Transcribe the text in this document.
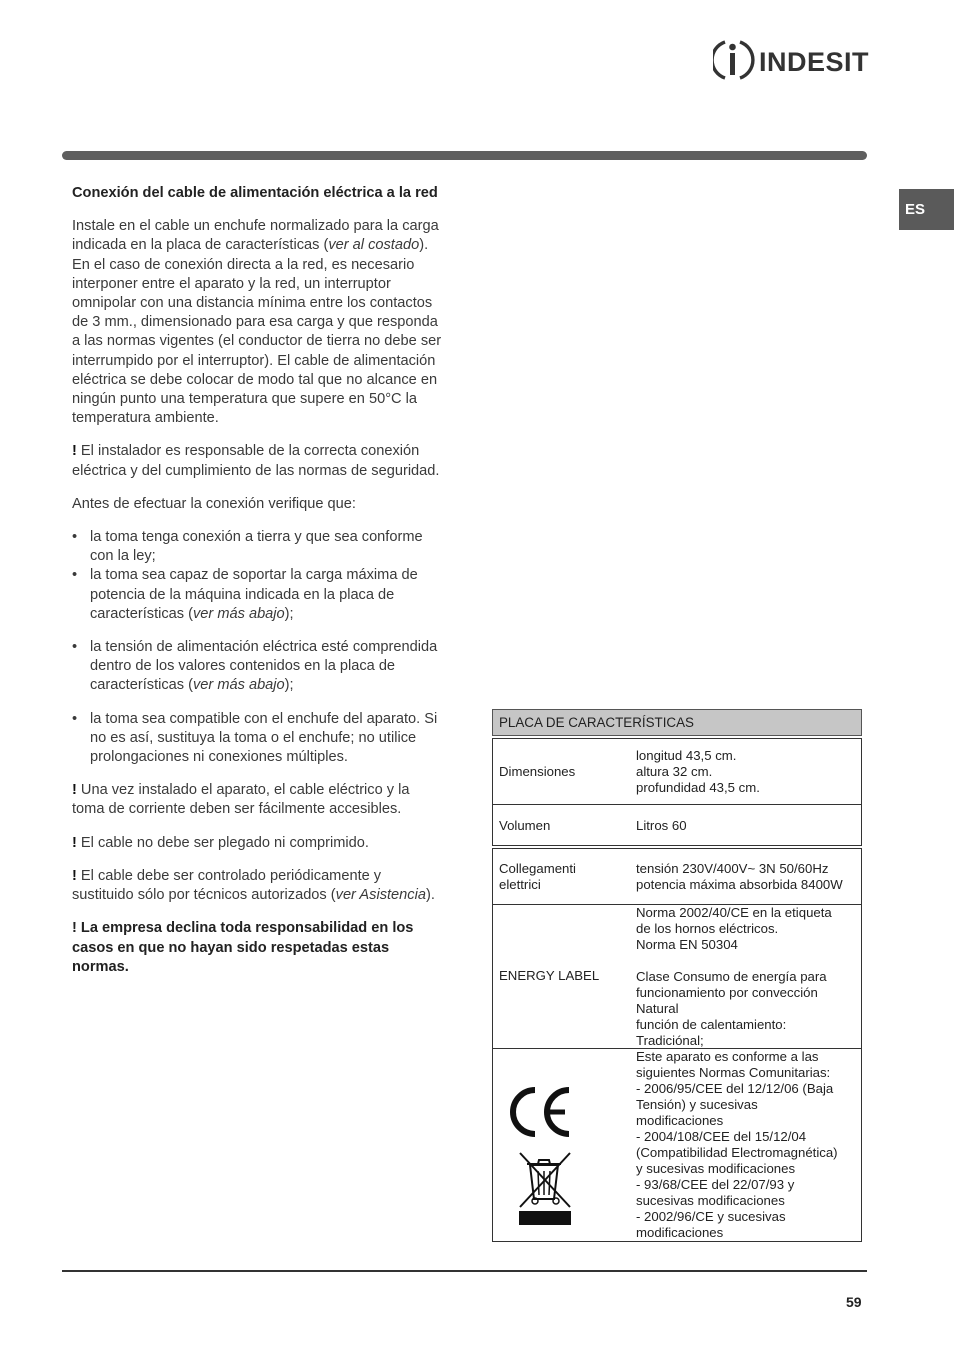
INDESIT
ES

Conexión del cable de alimentación eléctrica a la red

Instale en el cable un enchufe normalizado para la carga indicada en la placa de características (ver al costado). En el caso de conexión directa a la red, es necesario interponer entre el aparato y la red, un interruptor omnipolar con una distancia mínima entre los contactos de 3 mm., dimensionado para esa carga y que responda a las normas vigentes (el conductor de tierra no debe ser interrumpido por el interruptor). El cable de alimentación eléctrica se debe colocar de modo tal que no alcance en ningún punto una temperatura que supere en 50°C la temperatura ambiente.

! El instalador es responsable de la correcta conexión eléctrica y del cumplimiento de las normas de seguridad.

Antes de efectuar la conexión verifique que:

• la toma tenga conexión a tierra y que sea conforme con la ley;
• la toma sea capaz de soportar la carga máxima de potencia de la máquina indicada en la placa de características (ver más abajo);
• la tensión de alimentación eléctrica esté comprendida dentro de los valores contenidos en la placa de características (ver más abajo);
• la toma sea compatible con el enchufe del aparato. Si no es así, sustituya la toma o el enchufe; no utilice prolongaciones ni conexiones múltiples.

! Una vez instalado el aparato, el cable eléctrico y la toma de corriente deben ser fácilmente accesibles.

! El cable no debe ser plegado ni comprimido.

! El cable debe ser controlado periódicamente y sustituido sólo por técnicos autorizados (ver Asistencia).

! La empresa declina toda responsabilidad en los casos en que no hayan sido respetadas estas normas.

PLACA DE CARACTERÍSTICAS
Dimensiones
longitud 43,5 cm.
altura 32 cm.
profundidad 43,5 cm.
Volumen	Litros 60
Collegamenti
elettrici
tensión 230V/400V~ 3N 50/60Hz
potencia máxima absorbida 8400W
ENERGY LABEL
Norma 2002/40/CE en la etiqueta
de los hornos eléctricos.
Norma EN 50304
Clase Consumo de energía para
funcionamiento por convección
Natural
función de calentamiento:
Tradiciónal;
Este aparato es conforme a las
siguientes Normas Comunitarias:
- 2006/95/CEE del 12/12/06 (Baja
Tensión) y sucesivas
modificaciones
- 2004/108/CEE del 15/12/04
(Compatibilidad Electromagnética)
y sucesivas modificaciones
- 93/68/CEE del 22/07/93 y
sucesivas modificaciones
- 2002/96/CE y sucesivas
modificaciones
59
